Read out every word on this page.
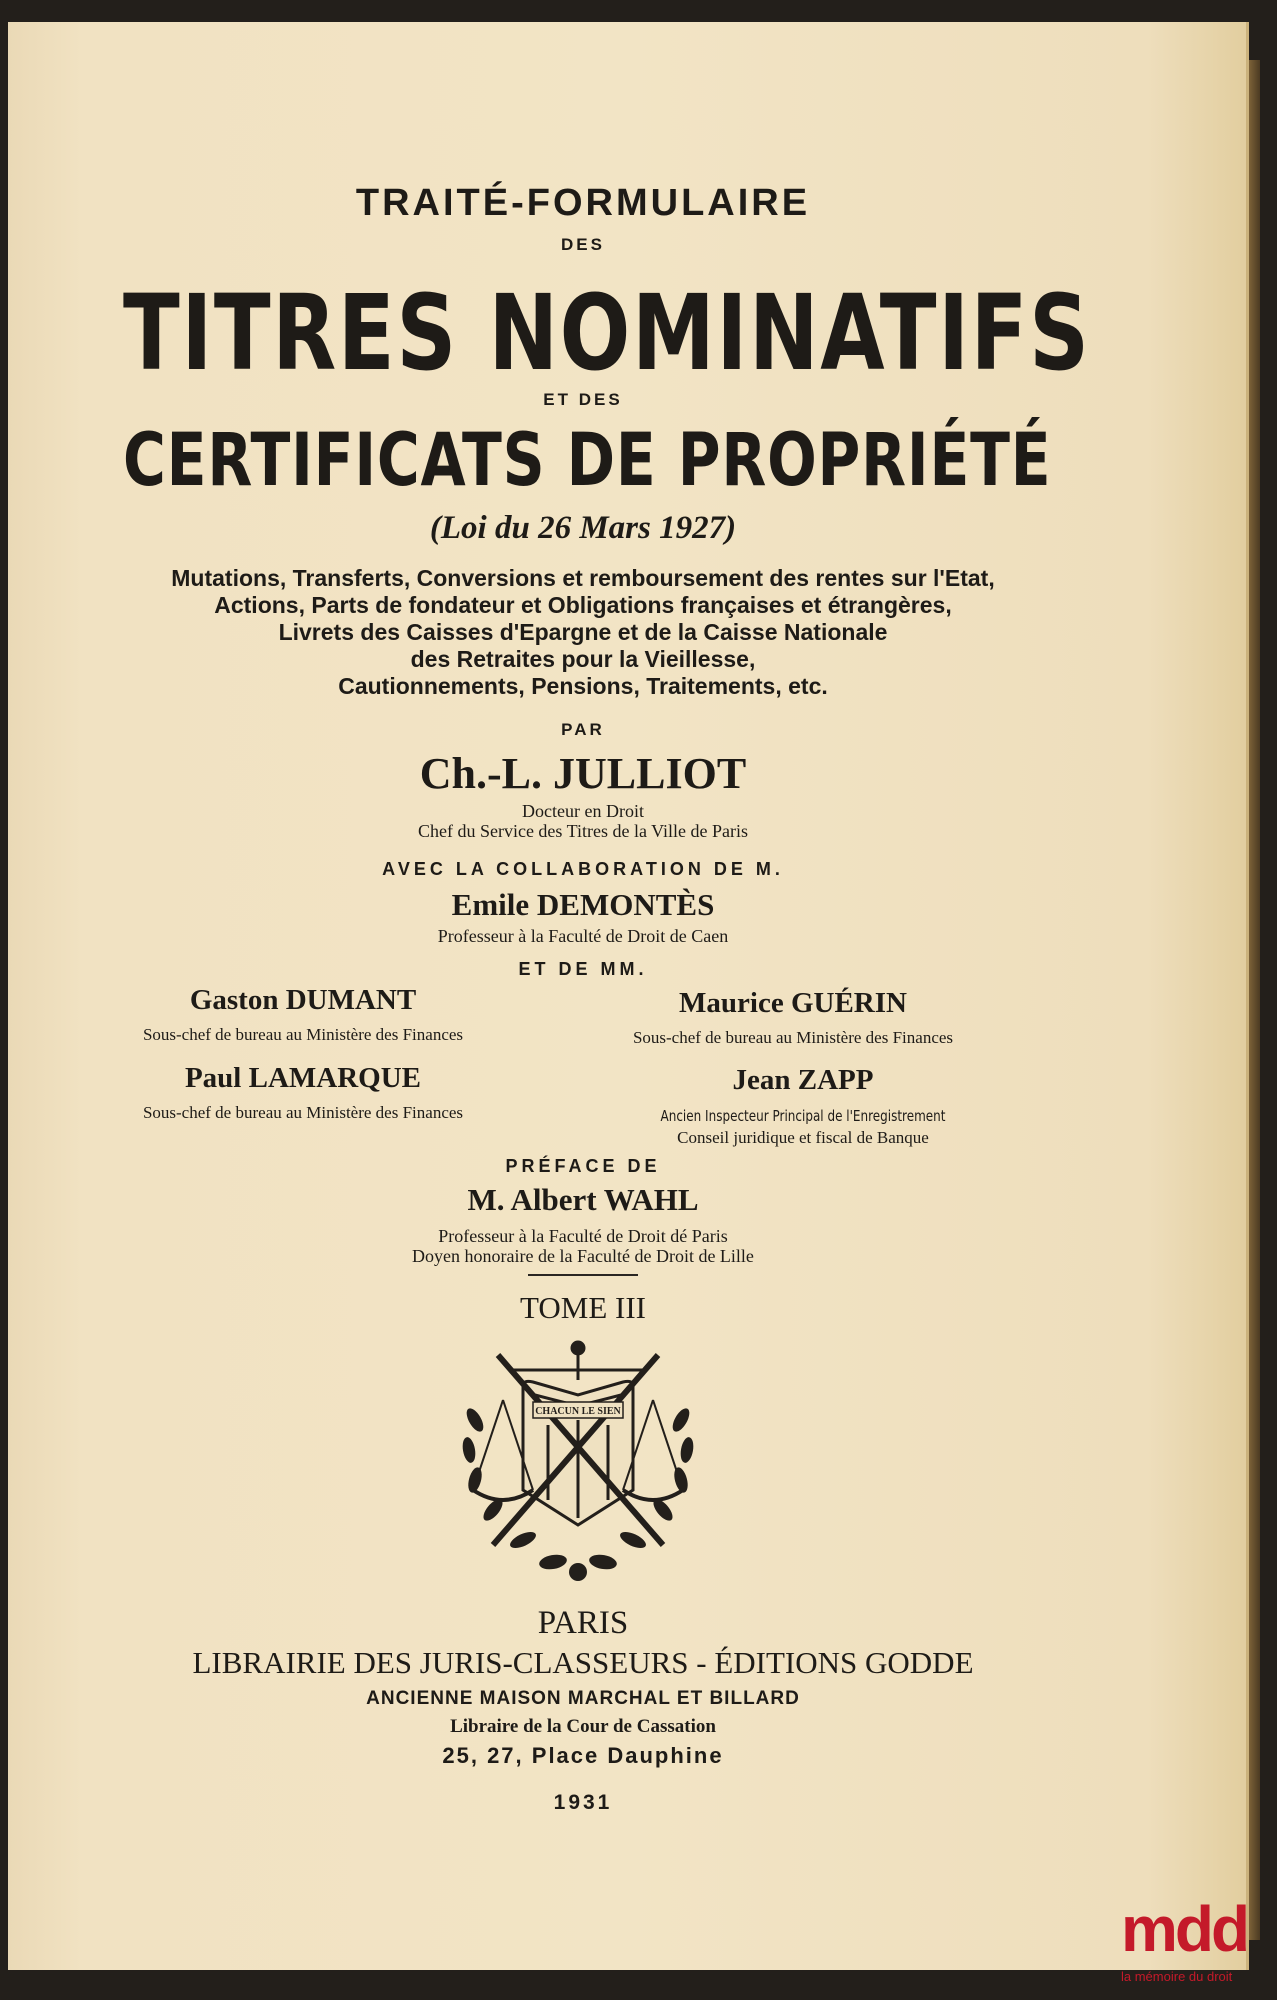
TRAITÉ-FORMULAIRE

DES

TITRES NOMINATIFS

ET DES

CERTIFICATS DE PROPRIÉTÉ

(Loi du 26 Mars 1927)

Mutations, Transferts, Conversions et remboursement des rentes sur l'Etat,

Actions, Parts de fondateur et Obligations françaises et étrangères,

Livrets des Caisses d'Epargne et de la Caisse Nationale

des Retraites pour la Vieillesse,

Cautionnements, Pensions, Traitements, etc.

PAR

Ch.-L. JULLIOT

Docteur en Droit

Chef du Service des Titres de la Ville de Paris

AVEC LA COLLABORATION DE M.

Emile DEMONTÈS

Professeur à la Faculté de Droit de Caen

ET DE MM.

Gaston DUMANT

Sous-chef de bureau au Ministère des Finances

Maurice GUÉRIN

Sous-chef de bureau au Ministère des Finances

Paul LAMARQUE

Sous-chef de bureau au Ministère des Finances

Jean ZAPP

Ancien Inspecteur Principal de l'Enregistrement

Conseil juridique et fiscal de Banque

PRÉFACE DE

M. Albert WAHL

Professeur à la Faculté de Droit dé Paris

Doyen honoraire de la Faculté de Droit de Lille

TOME III

CHACUN LE SIEN

PARIS

LIBRAIRIE DES JURIS-CLASSEURS - ÉDITIONS GODDE

ANCIENNE MAISON MARCHAL ET BILLARD

Libraire de la Cour de Cassation

25, 27, Place Dauphine

1931

mdd
la mémoire du droit
